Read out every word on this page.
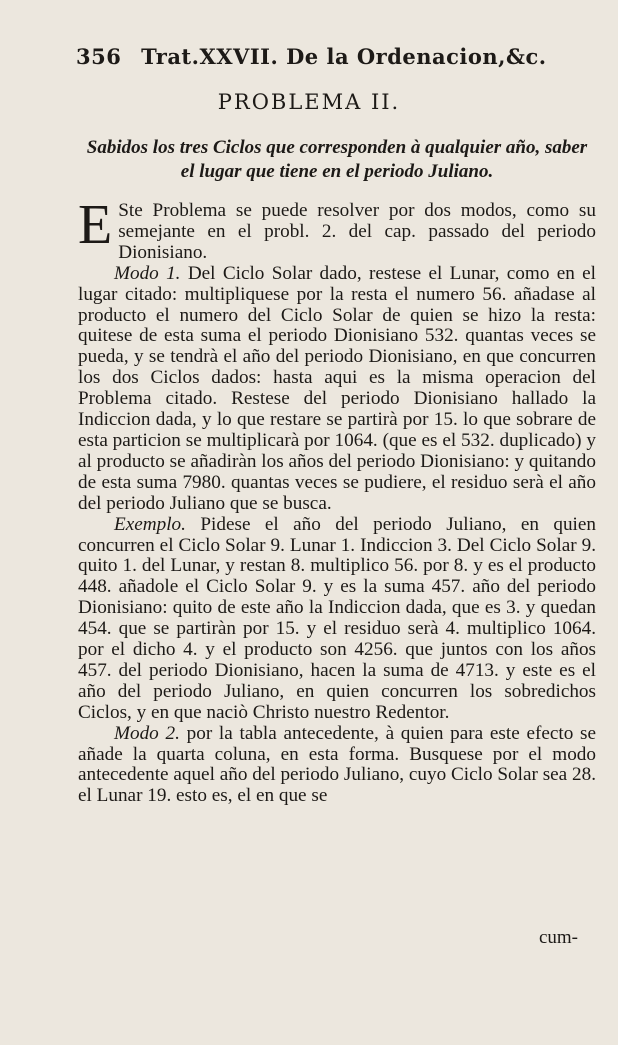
356 Trat.XXVII. De la Ordenacion,&c.
PROBLEMA II.
Sabidos los tres Ciclos que corresponden à qualquier año, saber el lugar que tiene en el periodo Juliano.

E Ste Problema se puede resolver por dos modos, como su semejante en el probl. 2. del cap. passado del periodo Dionisiano.

Modo 1. Del Ciclo Solar dado, restese el Lunar, como en el lugar citado: multipliquese por la resta el numero 56. añadase al producto el numero del Ciclo Solar de quien se hizo la resta: quitese de esta suma el periodo Dionisiano 532. quantas veces se pueda, y se tendrà el año del periodo Dionisiano, en que concurren los dos Ciclos dados: hasta aqui es la misma operacion del Problema citado. Restese del periodo Dionisiano hallado la Indiccion dada, y lo que restare se partirà por 15. lo que sobrare de esta particion se multiplicarà por 1064. (que es el 532. duplicado) y al producto se añadiràn los años del periodo Dionisiano: y quitando de esta suma 7980. quantas veces se pudiere, el residuo serà el año del periodo Juliano que se busca.

Exemplo. Pidese el año del periodo Juliano, en quien concurren el Ciclo Solar 9. Lunar 1. Indiccion 3. Del Ciclo Solar 9. quito 1. del Lunar, y restan 8. multiplico 56. por 8. y es el producto 448. añadole el Ciclo Solar 9. y es la suma 457. año del periodo Dionisiano: quito de este año la Indiccion dada, que es 3. y quedan 454. que se partiràn por 15. y el residuo serà 4. multiplico 1064. por el dicho 4. y el producto son 4256. que juntos con los años 457. del periodo Dionisiano, hacen la suma de 4713. y este es el año del periodo Juliano, en quien concurren los sobredichos Ciclos, y en que naciò Christo nuestro Redentor.

Modo 2. por la tabla antecedente, à quien para este efecto se añade la quarta coluna, en esta forma. Busquese por el modo antecedente aquel año del periodo Juliano, cuyo Ciclo Solar sea 28. el Lunar 19. esto es, el en que se

cum-
